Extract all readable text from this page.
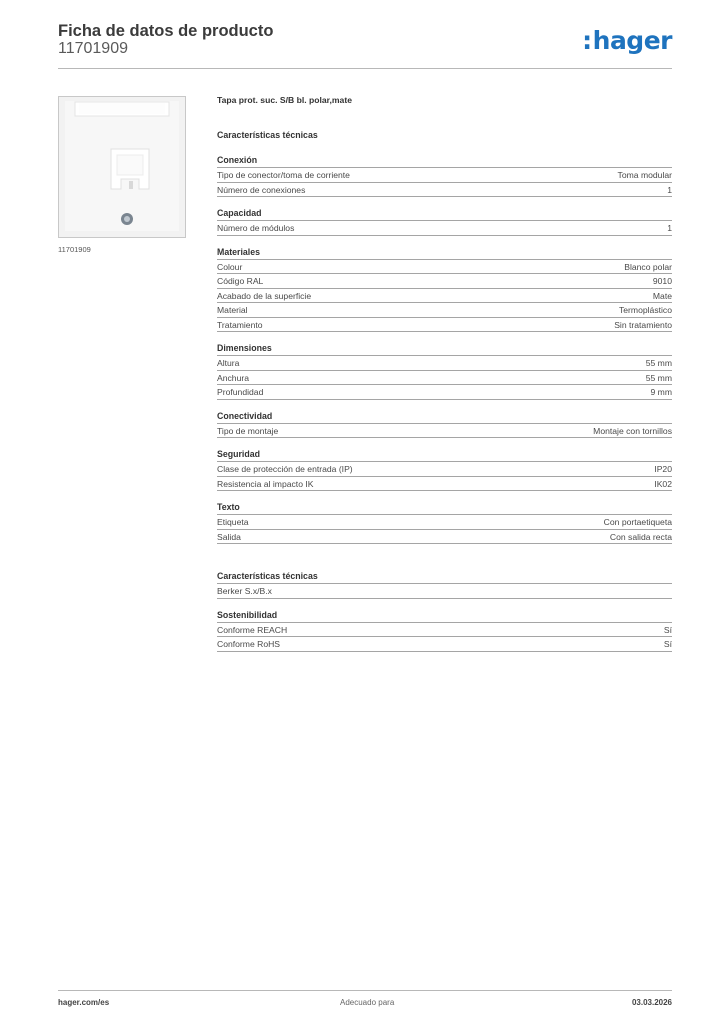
Ficha de datos de producto
11701909	:hager
11701909
Tapa prot. suc. S/B bl. polar,mate
Características técnicas
Conexión
Tipo de conector/toma de corriente	Toma modular
Número de conexiones	1
Capacidad
Número de módulos	1
Materiales
Colour	Blanco polar
Código RAL	9010
Acabado de la superficie	Mate
Material	Termoplástico
Tratamiento	Sin tratamiento
Dimensiones
Altura	55 mm
Anchura	55 mm
Profundidad	9 mm
Conectividad
Tipo de montaje	Montaje con tornillos
Seguridad
Clase de protección de entrada (IP)	IP20
Resistencia al impacto IK	IK02
Texto
Etiqueta	Con portaetiqueta
Salida	Con salida recta
Características técnicas
Berker S.x/B.x
Sostenibilidad
Conforme REACH	Sí
Conforme RoHS	Sí
hager.com/es	Adecuado para	03.03.2026
